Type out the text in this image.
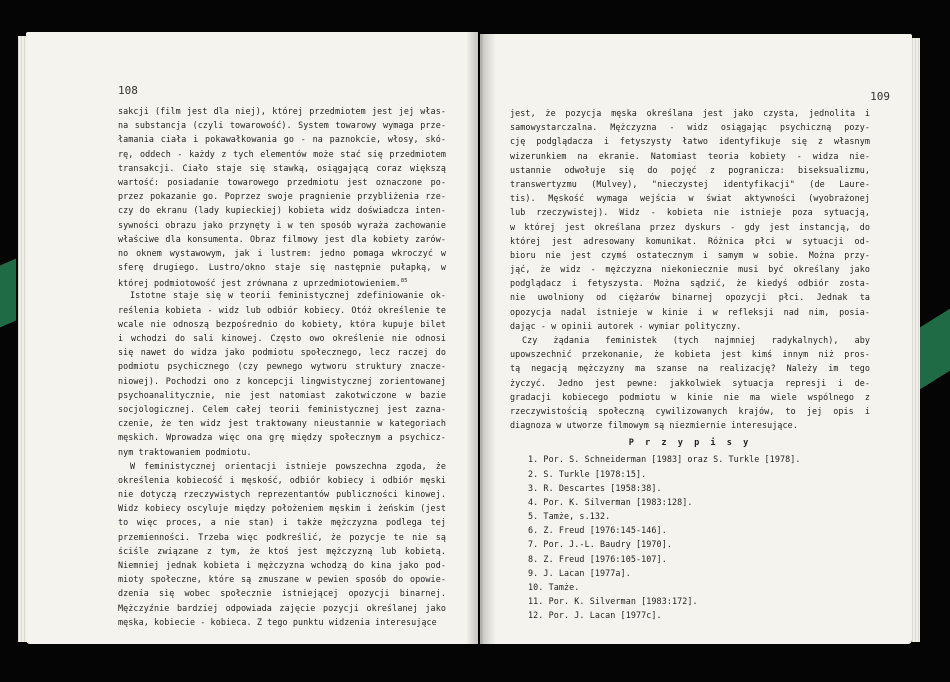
108
sakcji (film jest dla niej), której przedmiotem jest jej włas-
na substancja (czyli towarowość). System towarowy wymaga prze-
łamania ciała i pokawałkowania go - na paznokcie, włosy, skó-
rę, oddech - każdy z tych elementów może stać się przedmiotem
transakcji. Ciało staje się stawką, osiągającą coraz większą
wartość: posiadanie towarowego przedmiotu jest oznaczone po-
przez pokazanie go. Poprzez swoje pragnienie przybliżenia rze-
czy do ekranu (lady kupieckiej) kobieta widz doświadcza inten-
sywności obrazu jako przynęty i w ten sposób wyraża zachowanie
właściwe dla konsumenta. Obraz filmowy jest dla kobiety zarów-
no oknem wystawowym, jak i lustrem: jedno pomaga wkroczyć w
sferę drugiego. Lustro/okno staje się następnie pułapką, w
której podmiotowość jest zrównana z uprzedmiotowieniem.$^{85}$
Istotne staje się w teorii feministycznej zdefiniowanie ok-
reślenia kobieta - widz lub odbiór kobiecy. Otóż określenie te
wcale nie odnoszą bezpośrednio do kobiety, która kupuje bilet
i wchodzi do sali kinowej. Często owo określenie nie odnosi
się nawet do widza jako podmiotu społecznego, lecz raczej do
podmiotu psychicznego (czy pewnego wytworu struktury znacze-
niowej). Pochodzi ono z koncepcji lingwistycznej zorientowanej
psychoanalitycznie, nie jest natomiast zakotwiczone w bazie
socjologicznej. Celem całej teorii feministycznej jest zazna-
czenie, że ten widz jest traktowany nieustannie w kategoriach
męskich. Wprowadza więc ona grę między społecznym a psychicz-
nym traktowaniem podmiotu.
W feministycznej orientacji istnieje powszechna zgoda, że
określenia kobiecość i męskość, odbiór kobiecy i odbiór męski
nie dotyczą rzeczywistych reprezentantów publiczności kinowej.
Widz kobiecy oscyluje między położeniem męskim i żeńskim (jest
to więc proces, a nie stan) i także mężczyzna podlega tej
przemienności. Trzeba więc podkreślić, że pozycje te nie są
ściśle związane z tym, że ktoś jest mężczyzną lub kobietą.
Niemniej jednak kobieta i mężczyzna wchodzą do kina jako pod-
mioty społeczne, które są zmuszane w pewien sposób do opowie-
dzenia się wobec społecznie istniejącej opozycji binarnej.
Mężczyźnie bardziej odpowiada zajęcie pozycji określanej jako
męska, kobiecie - kobieca. Z tego punktu widzenia interesujące
109
jest, że pozycja męska określana jest jako czysta, jednolita i
samowystarczalna. Mężczyzna - widz osiągając psychiczną pozy-
cję podglądacza i fetyszysty łatwo identyfikuje się z własnym
wizerunkiem na ekranie. Natomiast teoria kobiety - widza nie-
ustannie odwołuje się do pojęć z pogranicza: biseksualizmu,
transwertyzmu (Mulvey), "nieczystej identyfikacji" (de Laure-
tis). Męskość wymaga wejścia w świat aktywności (wyobrażonej
lub rzeczywistej). Widz - kobieta nie istnieje poza sytuacją,
w której jest określana przez dyskurs - gdy jest instancją, do
której jest adresowany komunikat. Różnica płci w sytuacji od-
bioru nie jest czymś ostatecznym i samym w sobie. Można przy-
jąć, że widz - mężczyzna niekoniecznie musi być określany jako
podglądacz i fetyszysta. Można sądzić, że kiedyś odbiór zosta-
nie uwolniony od ciężarów binarnej opozycji płci. Jednak ta
opozycja nadal istnieje w kinie i w refleksji nad nim, posia-
dając - w opinii autorek - wymiar polityczny.
Czy żądania feministek (tych najmniej radykalnych), aby
upowszechnić przekonanie, że kobieta jest kimś innym niż pros-
tą negacją mężczyzny ma szanse na realizację? Należy im tego
życzyć. Jedno jest pewne: jakkolwiek sytuacja represji i de-
gradacji kobiecego podmiotu w kinie nie ma wiele wspólnego z
rzeczywistością społeczną cywilizowanych krajów, to jej opis i
diagnoza w utworze filmowym są niezmiernie interesujące.
P r z y p i s y
1. Por. S. Schneiderman [1983] oraz S. Turkle [1978].
2. S. Turkle [1978:15].
3. R. Descartes [1958:38].
4. Por. K. Silverman [1983:128].
5. Tamże, s.132.
6. Z. Freud [1976:145-146].
7. Por. J.-L. Baudry [1970].
8. Z. Freud [1976:105-107].
9. J. Lacan [1977a].
10. Tamże.
11. Por. K. Silverman [1983:172].
12. Por. J. Lacan [1977c].
